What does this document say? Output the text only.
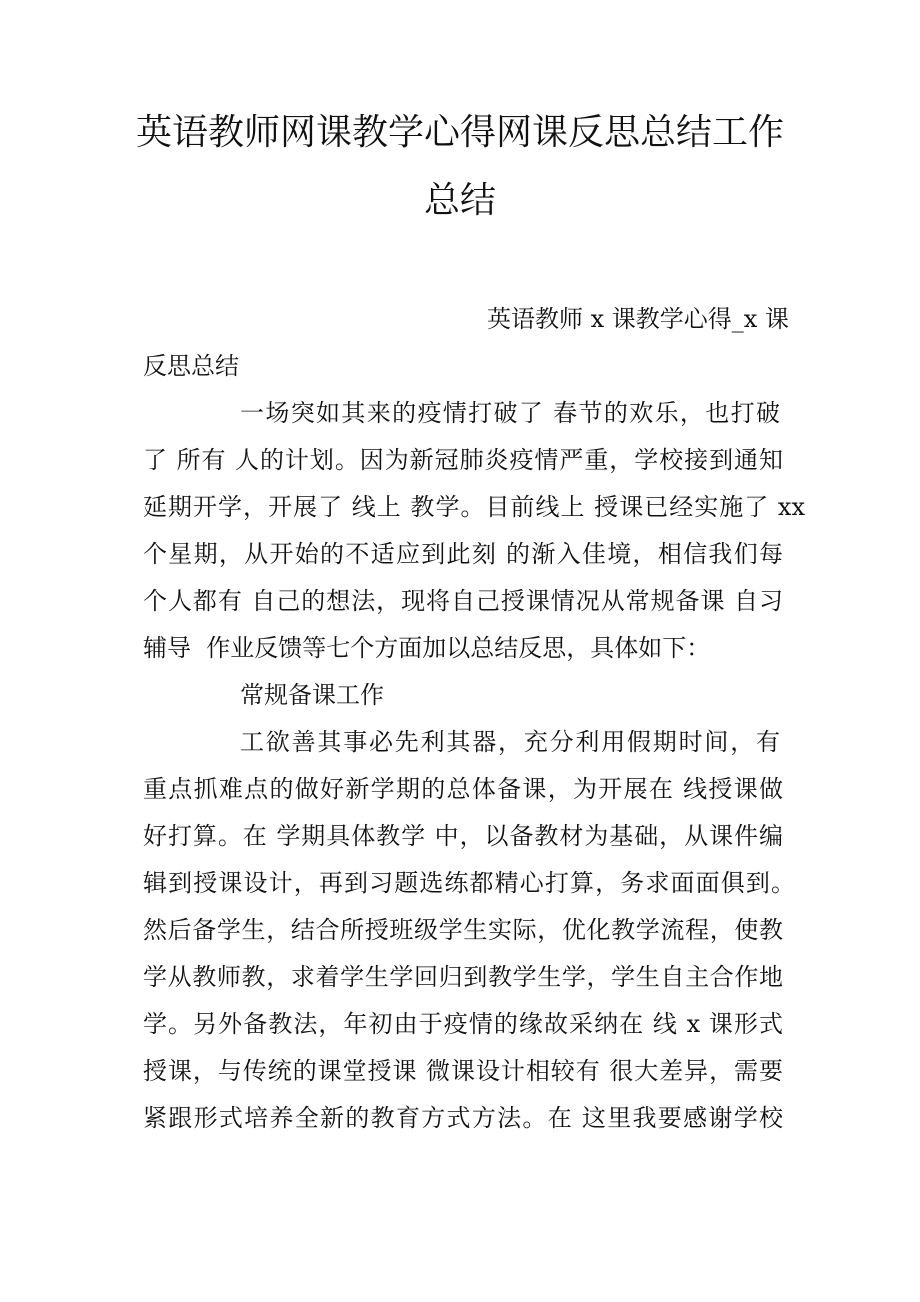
英语教师网课教学心得网课反思总结工作
总结
英语教师 x 课教学心得_x 课
反思总结
一场突如其来的疫情打破了 春节的欢乐，也打破
了 所有 人的计划。因为新冠肺炎疫情严重，学校接到通知
延期开学，开展了 线上 教学。目前线上 授课已经实施了 xx
个星期，从开始的不适应到此刻 的渐入佳境，相信我们每
个人都有 自己的想法，现将自己授课情况从常规备课 自习
辅导  作业反馈等七个方面加以总结反思，具体如下：
常规备课工作
工欲善其事必先利其器，充分利用假期时间，有
重点抓难点的做好新学期的总体备课，为开展在 线授课做
好打算。在 学期具体教学 中，以备教材为基础，从课件编
辑到授课设计，再到习题选练都精心打算，务求面面俱到。
然后备学生，结合所授班级学生实际，优化教学流程，使教
学从教师教，求着学生学回归到教学生学，学生自主合作地
学。另外备教法，年初由于疫情的缘故采纳在 线 x 课形式
授课，与传统的课堂授课 微课设计相较有 很大差异，需要
紧跟形式培养全新的教育方式方法。在 这里我要感谢学校
